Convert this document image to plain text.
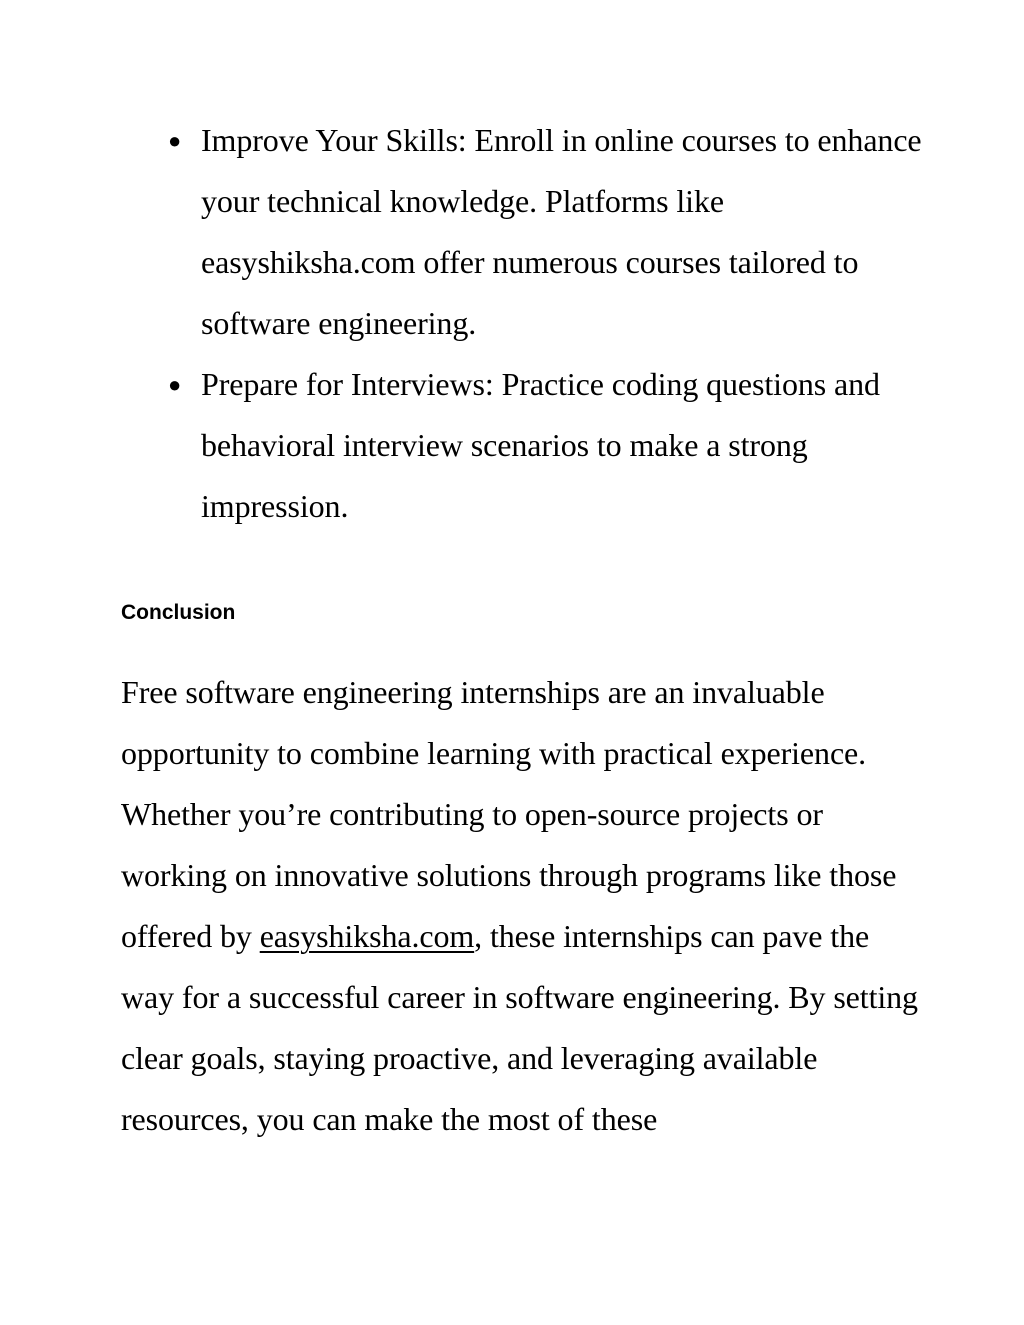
● Improve Your Skills: Enroll in online courses to enhance your technical knowledge. Platforms like easyshiksha.com offer numerous courses tailored to software engineering.
● Prepare for Interviews: Practice coding questions and behavioral interview scenarios to make a strong impression.
Conclusion

Free software engineering internships are an invaluable opportunity to combine learning with practical experience. Whether you’re contributing to open-source projects or working on innovative solutions through programs like those offered by easyshiksha.com, these internships can pave the way for a successful career in software engineering. By setting clear goals, staying proactive, and leveraging available resources, you can make the most of these
